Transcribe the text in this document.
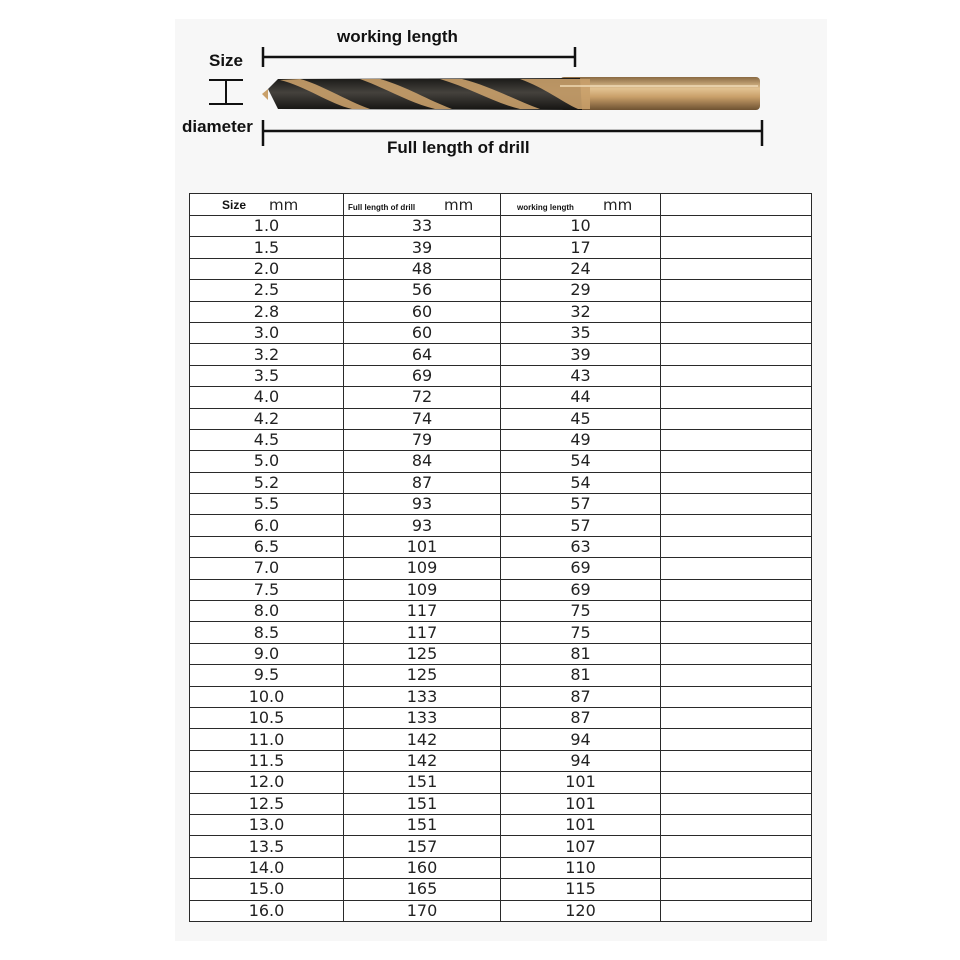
working length
Size
diameter
Full length of drill
Size mm	Full length of drill mm	working length mm	

1.0	33	10	
1.5	39	17	
2.0	48	24	
2.5	56	29	
2.8	60	32	
3.0	60	35	
3.2	64	39	
3.5	69	43	
4.0	72	44	
4.2	74	45	
4.5	79	49	
5.0	84	54	
5.2	87	54	
5.5	93	57	
6.0	93	57	
6.5	101	63	
7.0	109	69	
7.5	109	69	
8.0	117	75	
8.5	117	75	
9.0	125	81	
9.5	125	81	
10.0	133	87	
10.5	133	87	
11.0	142	94	
11.5	142	94	
12.0	151	101	
12.5	151	101	
13.0	151	101	
13.5	157	107	
14.0	160	110	
15.0	165	115	
16.0	170	120	
